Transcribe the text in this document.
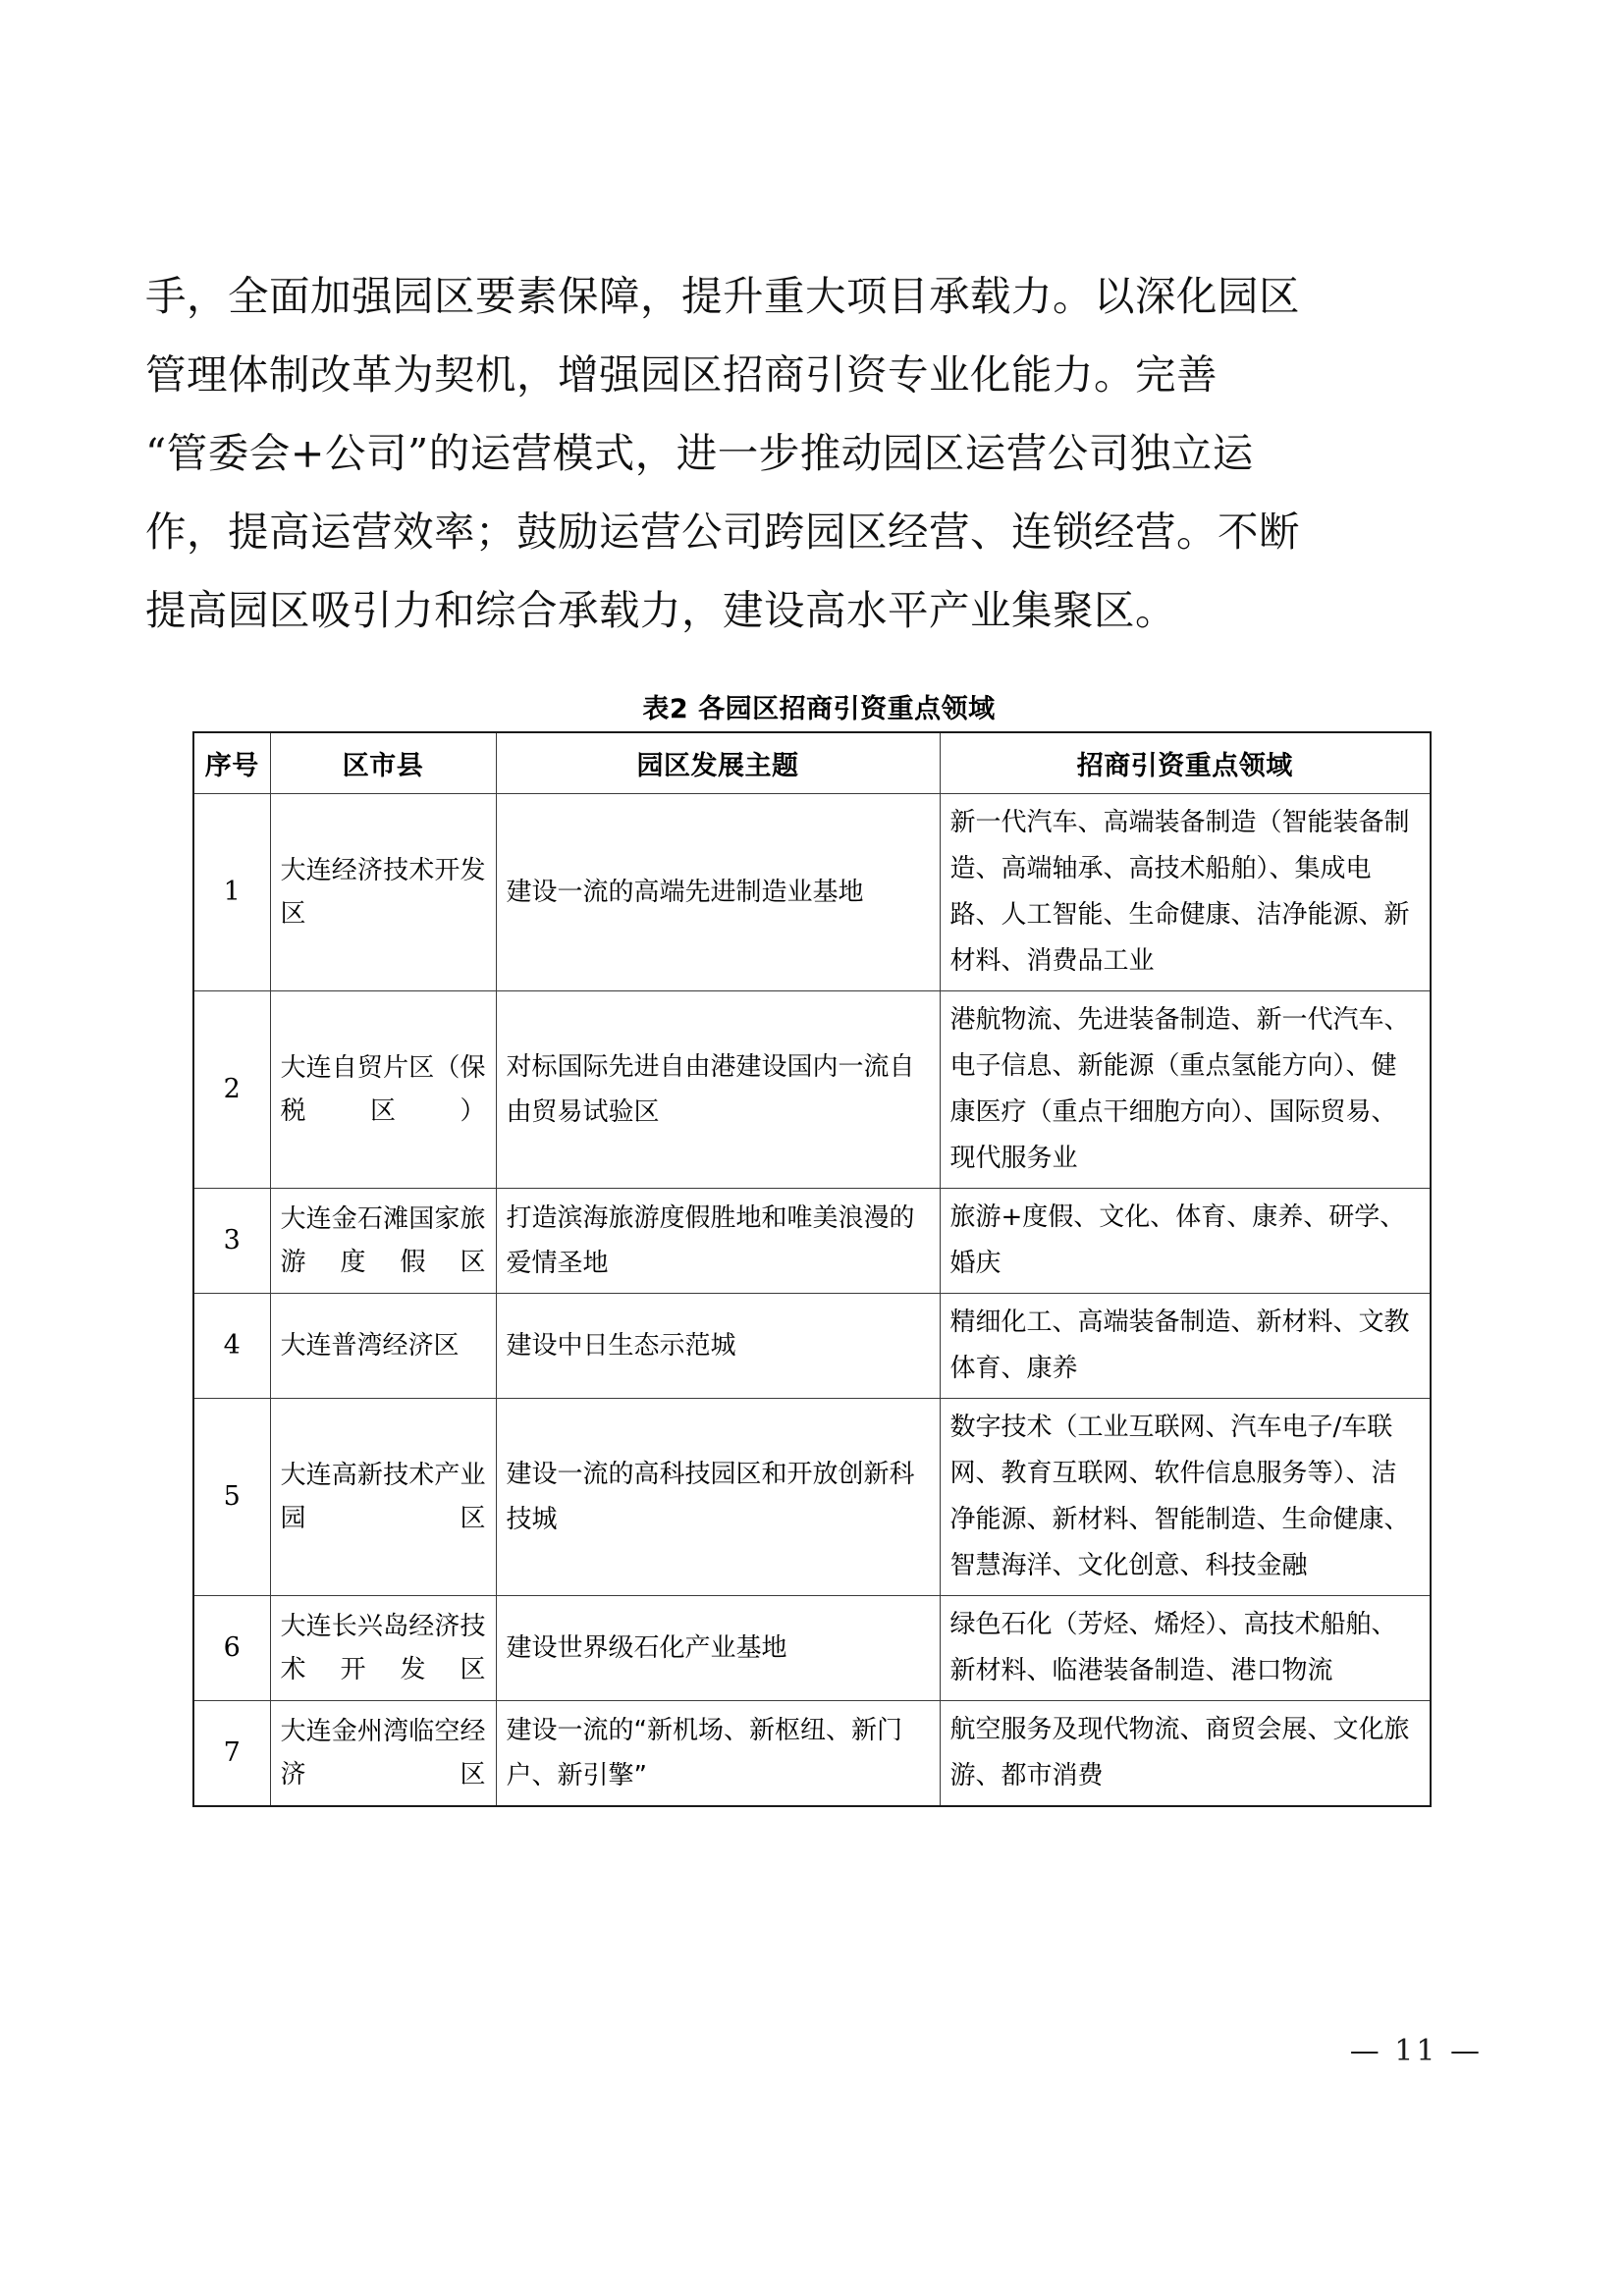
手，全面加强园区要素保障，提升重大项目承载力。以深化园区
管理体制改革为契机，增强园区招商引资专业化能力。完善
“管委会+公司”的运营模式，进一步推动园区运营公司独立运
作，提高运营效率；鼓励运营公司跨园区经营、连锁经营。不断
提高园区吸引力和综合承载力，建设高水平产业集聚区。
表2 各园区招商引资重点领域
序号	区市县	园区发展主题	招商引资重点领域
1	大连经济技术开发区	建设一流的高端先进制造业基地	新一代汽车、高端装备制造（智能装备制造、高端轴承、高技术船舶）、集成电路、人工智能、生命健康、洁净能源、新材料、消费品工业
2	大连自贸片区（保税区）	对标国际先进自由港建设国内一流自由贸易试验区	港航物流、先进装备制造、新一代汽车、电子信息、新能源（重点氢能方向）、健康医疗（重点干细胞方向）、国际贸易、现代服务业
3	大连金石滩国家旅游度假区	打造滨海旅游度假胜地和唯美浪漫的爱情圣地	旅游+度假、文化、体育、康养、研学、婚庆
4	大连普湾经济区	建设中日生态示范城	精细化工、高端装备制造、新材料、文教体育、康养
5	大连高新技术产业园区	建设一流的高科技园区和开放创新科技城	数字技术（工业互联网、汽车电子/车联网、教育互联网、软件信息服务等）、洁净能源、新材料、智能制造、生命健康、智慧海洋、文化创意、科技金融
6	大连长兴岛经济技术开发区	建设世界级石化产业基地	绿色石化（芳烃、烯烃）、高技术船舶、新材料、临港装备制造、港口物流
7	大连金州湾临空经济区	建设一流的“新机场、新枢纽、新门户、新引擎”	航空服务及现代物流、商贸会展、文化旅游、都市消费
— 11 —
